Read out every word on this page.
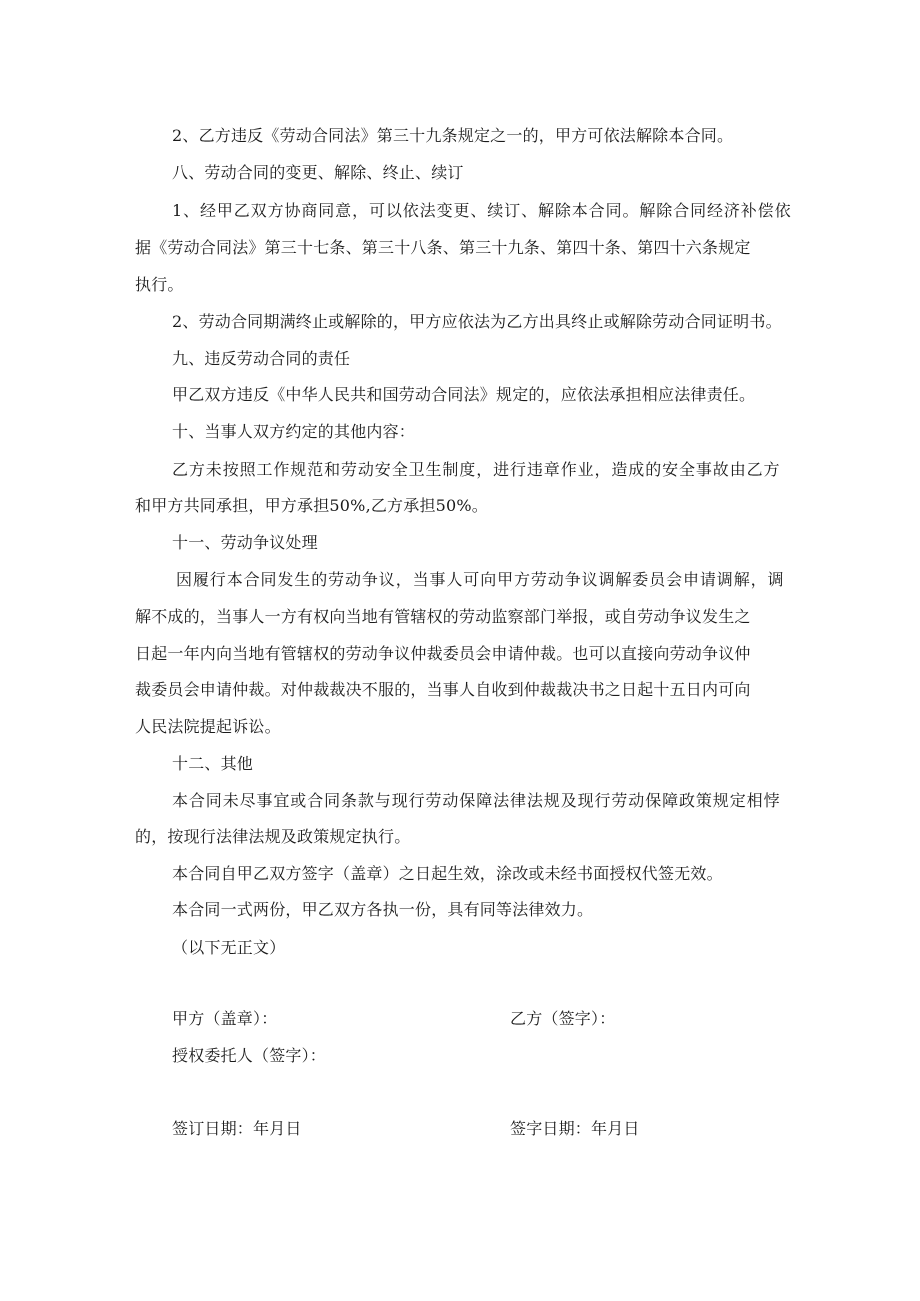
2、乙方违反《劳动合同法》第三十九条规定之一的，甲方可依法解除本合同。
八、劳动合同的变更、解除、终止、续订
1、经甲乙双方协商同意，可以依法变更、续订、解除本合同。解除合同经济补偿依
据《劳动合同法》第三十七条、第三十八条、第三十九条、第四十条、第四十六条规定
执行。
2、劳动合同期满终止或解除的，甲方应依法为乙方出具终止或解除劳动合同证明书。
九、违反劳动合同的责任
甲乙双方违反《中华人民共和国劳动合同法》规定的，应依法承担相应法律责任。
十、当事人双方约定的其他内容：
乙方未按照工作规范和劳动安全卫生制度，进行违章作业，造成的安全事故由乙方
和甲方共同承担，甲方承担50%,乙方承担50%。
十一、劳动争议处理
因履行本合同发生的劳动争议，当事人可向甲方劳动争议调解委员会申请调解，调
解不成的，当事人一方有权向当地有管辖权的劳动监察部门举报，或自劳动争议发生之
日起一年内向当地有管辖权的劳动争议仲裁委员会申请仲裁。也可以直接向劳动争议仲
裁委员会申请仲裁。对仲裁裁决不服的，当事人自收到仲裁裁决书之日起十五日内可向
人民法院提起诉讼。
十二、其他
本合同未尽事宜或合同条款与现行劳动保障法律法规及现行劳动保障政策规定相悖
的，按现行法律法规及政策规定执行。
本合同自甲乙双方签字（盖章）之日起生效，涂改或未经书面授权代签无效。
本合同一式两份，甲乙双方各执一份，具有同等法律效力。
（以下无正文）
甲方（盖章）：	乙方（签字）：
授权委托人（签字）：
签订日期：年月日	签字日期：年月日
